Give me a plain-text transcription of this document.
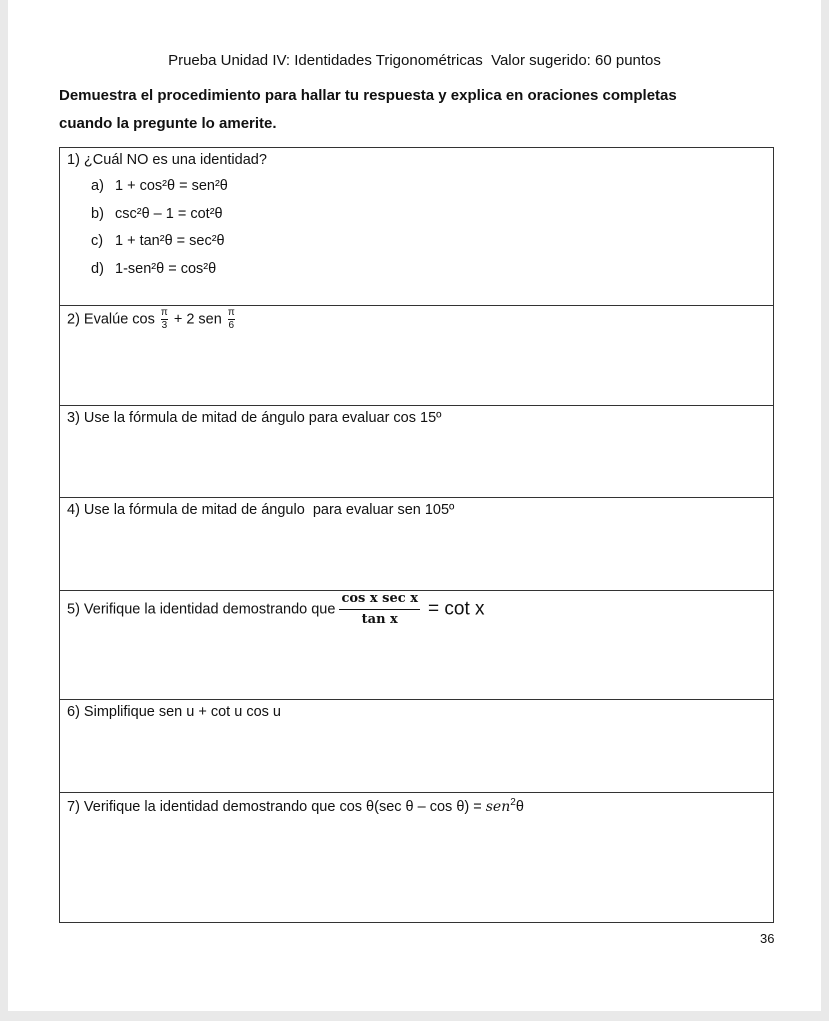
Prueba Unidad IV: Identidades Trigonométricas Valor sugerido: 60 puntos
Demuestra el procedimiento para hallar tu respuesta y explica en oraciones completas
cuando la pregunte lo amerite.
1) ¿Cuál NO es una identidad?
a) 1 + cos²θ = sen²θ
b) csc²θ – 1 = cot²θ
c) 1 + tan²θ = sec²θ
d) 1-sen²θ = cos²θ
2) Evalúe $\cos \frac{\pi}{3} + 2$ sen $\frac{\pi}{6}$
3) Use la fórmula de mitad de ángulo para evaluar cos 15º
4) Use la fórmula de mitad de ángulo  para evaluar sen 105º
5) Verifique la identidad demostrando que $\frac{\text{cos x sec x}}{\text{tan x}} = \cot x$
6) Simplifique sen u + cot u cos u
7) Verifique la identidad demostrando que cos θ(sec θ – cos θ) = sen$^2$θ
36
